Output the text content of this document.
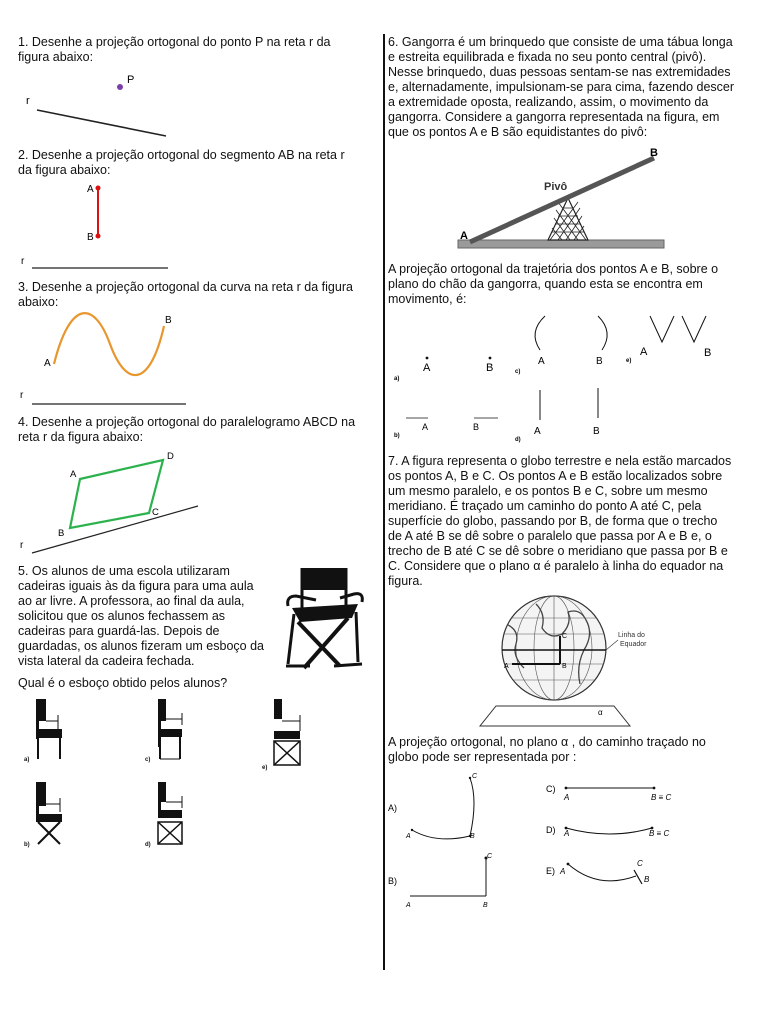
1. Desenhe a projeção ortogonal do ponto P na reta r da figura abaixo:

P
r

2. Desenhe a projeção ortogonal do segmento AB na reta r da figura abaixo:

A
B
r

3. Desenhe a projeção ortogonal da curva na reta r da figura abaixo:

A
B
r

4. Desenhe a projeção ortogonal do paralelogramo ABCD na reta r da figura abaixo:

A
D
C
B
r

5. Os alunos de uma escola utilizaram cadeiras iguais às da figura para uma aula ao ar livre. A professora, ao final da aula, solicitou que os alunos fechassem as cadeiras para guardá-las. Depois de guardadas, os alunos fizeram um esboço da vista lateral da cadeira fechada.

Qual é o esboço obtido pelos alunos?

a)	c)
e)
b)	d)

6. Gangorra é um brinquedo que consiste de uma tábua longa e estreita equilibrada e fixada no seu ponto central (pivô). Nesse brinquedo, duas pessoas sentam-se nas extremidades e, alternadamente, impulsionam-se para cima, fazendo descer a extremidade oposta, realizando, assim, o movimento da gangorra. Considere a gangorra representada na figura, em que os pontos A e B são equidistantes do pivô:

Pivô
A
B

A projeção ortogonal da trajetória dos pontos A e B, sobre o plano do chão da gangorra, quando esta se encontra em movimento, é:

a)
A	B	c)
A	B	e)
A	B
b)
A	B
d)
A	B

7. A figura representa o globo terrestre e nela estão marcados os pontos A, B e C. Os pontos A e B estão localizados sobre um mesmo paralelo, e os pontos B e C, sobre um mesmo meridiano. É traçado um caminho do ponto A até C, pela superfície do globo, passando por B, de forma que o trecho de A até B se dê sobre o paralelo que passa por A e B e, o trecho de B até C se dê sobre o meridiano que passa por B e C. Considere que o plano α é paralelo à linha do equador na figura.

A	B
C	Linha do
Equador
α

A projeção ortogonal, no plano α , do caminho traçado no globo pode ser representada por :

A)
A	B
C
B)
A	B
C
C)
A	B ≡ C
D) A	B ≡ C
E) A
B
C
